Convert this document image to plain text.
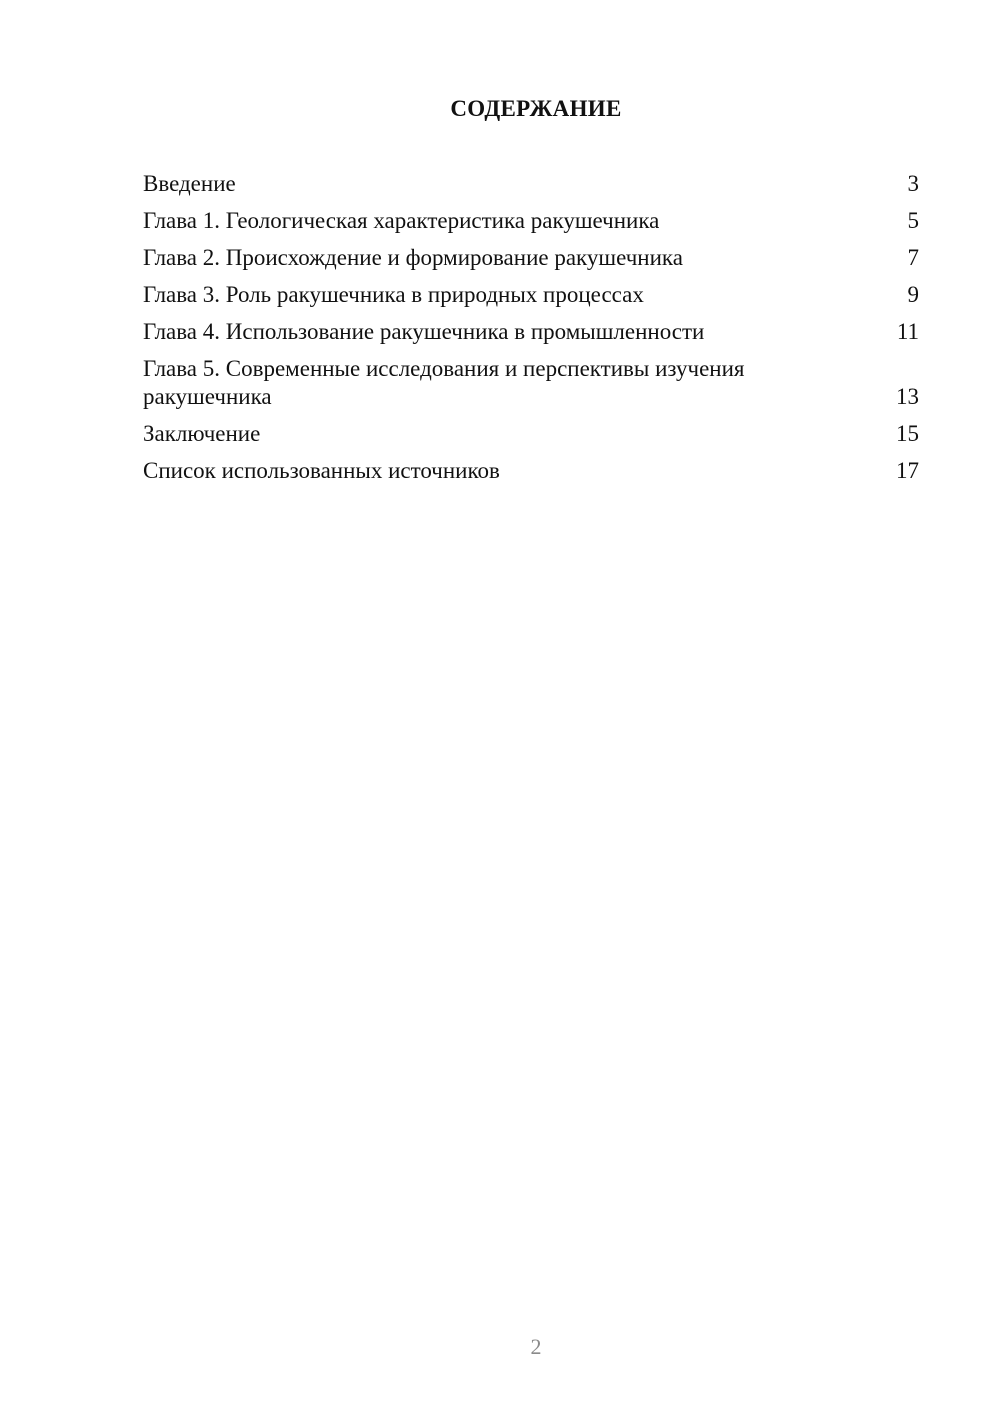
СОДЕРЖАНИЕ
Введение	3
Глава 1. Геологическая характеристика ракушечника	5
Глава 2. Происхождение и формирование ракушечника	7
Глава 3. Роль ракушечника в природных процессах	9
Глава 4. Использование ракушечника в промышленности	11
Глава 5. Современные исследования и перспективы изучения ракушечника	13
Заключение	15
Список использованных источников	17
2
